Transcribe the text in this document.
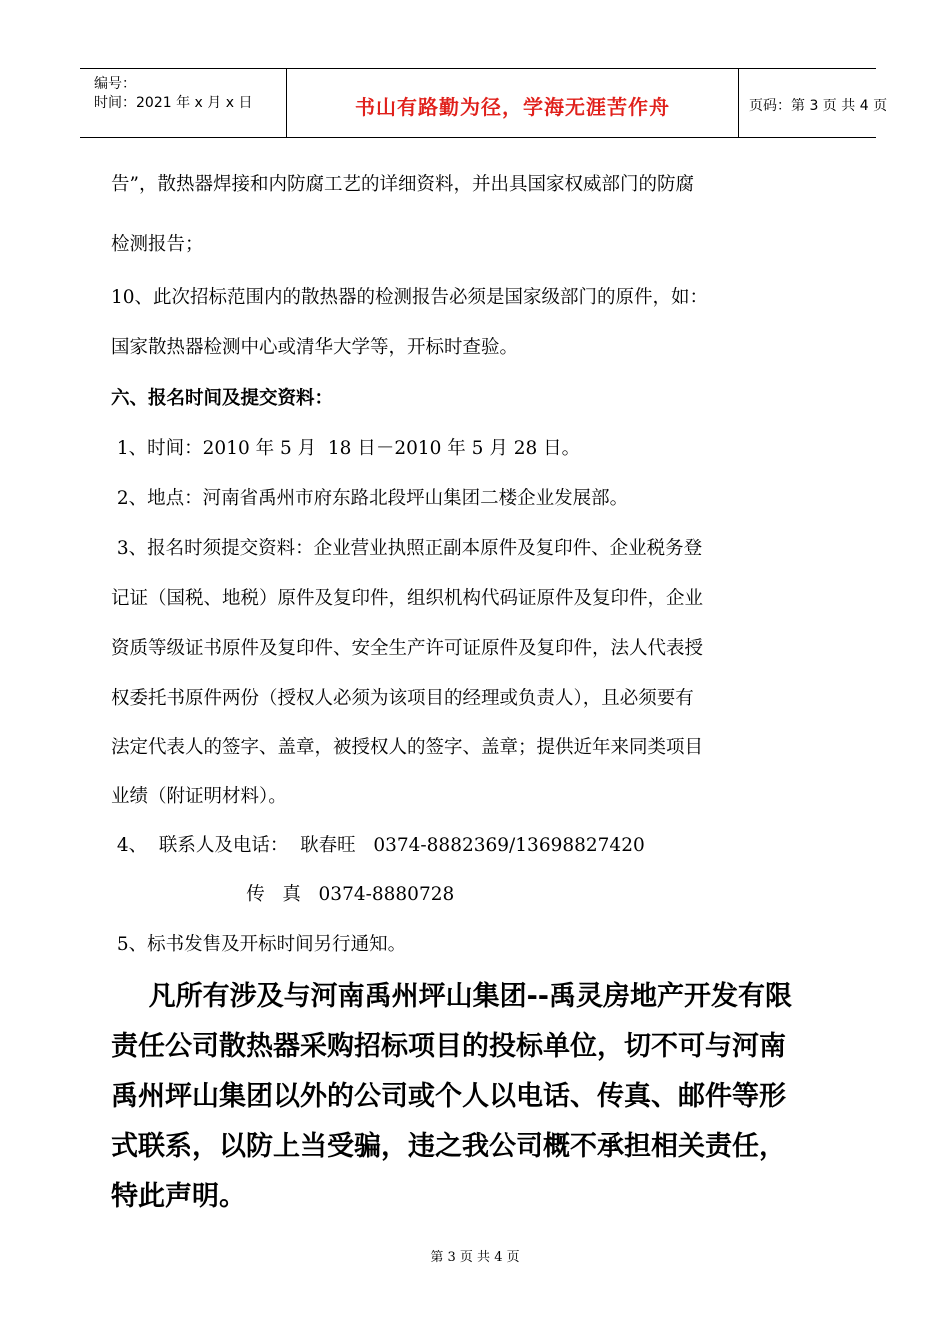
编号：
时间：2021 年 x 月 x 日	书山有路勤为径，学海无涯苦作舟	页码：第 3 页 共 4 页
告”，散热器焊接和内防腐工艺的详细资料，并出具国家权威部门的防腐
检测报告；
10、此次招标范围内的散热器的检测报告必须是国家级部门的原件，如：
国家散热器检测中心或清华大学等，开标时查验。
六、报名时间及提交资料：
1、时间：2010 年 5 月  18 日－2010 年 5 月 28 日。
2、地点：河南省禹州市府东路北段坪山集团二楼企业发展部。
3、报名时须提交资料：企业营业执照正副本原件及复印件、企业税务登
记证（国税、地税）原件及复印件，组织机构代码证原件及复印件，企业
资质等级证书原件及复印件、安全生产许可证原件及复印件，法人代表授
权委托书原件两份（授权人必须为该项目的经理或负责人），且必须要有
法定代表人的签字、盖章，被授权人的签字、盖章；提供近年来同类项目
业绩（附证明材料）。
4、  联系人及电话：  耿春旺   0374-8882369/13698827420
传   真   0374-8880728
5、标书发售及开标时间另行通知。
凡所有涉及与河南禹州坪山集团--禹灵房地产开发有限
责任公司散热器采购招标项目的投标单位，切不可与河南
禹州坪山集团以外的公司或个人以电话、传真、邮件等形
式联系，以防上当受骗，违之我公司概不承担相关责任，
特此声明。
第 3 页 共 4 页
